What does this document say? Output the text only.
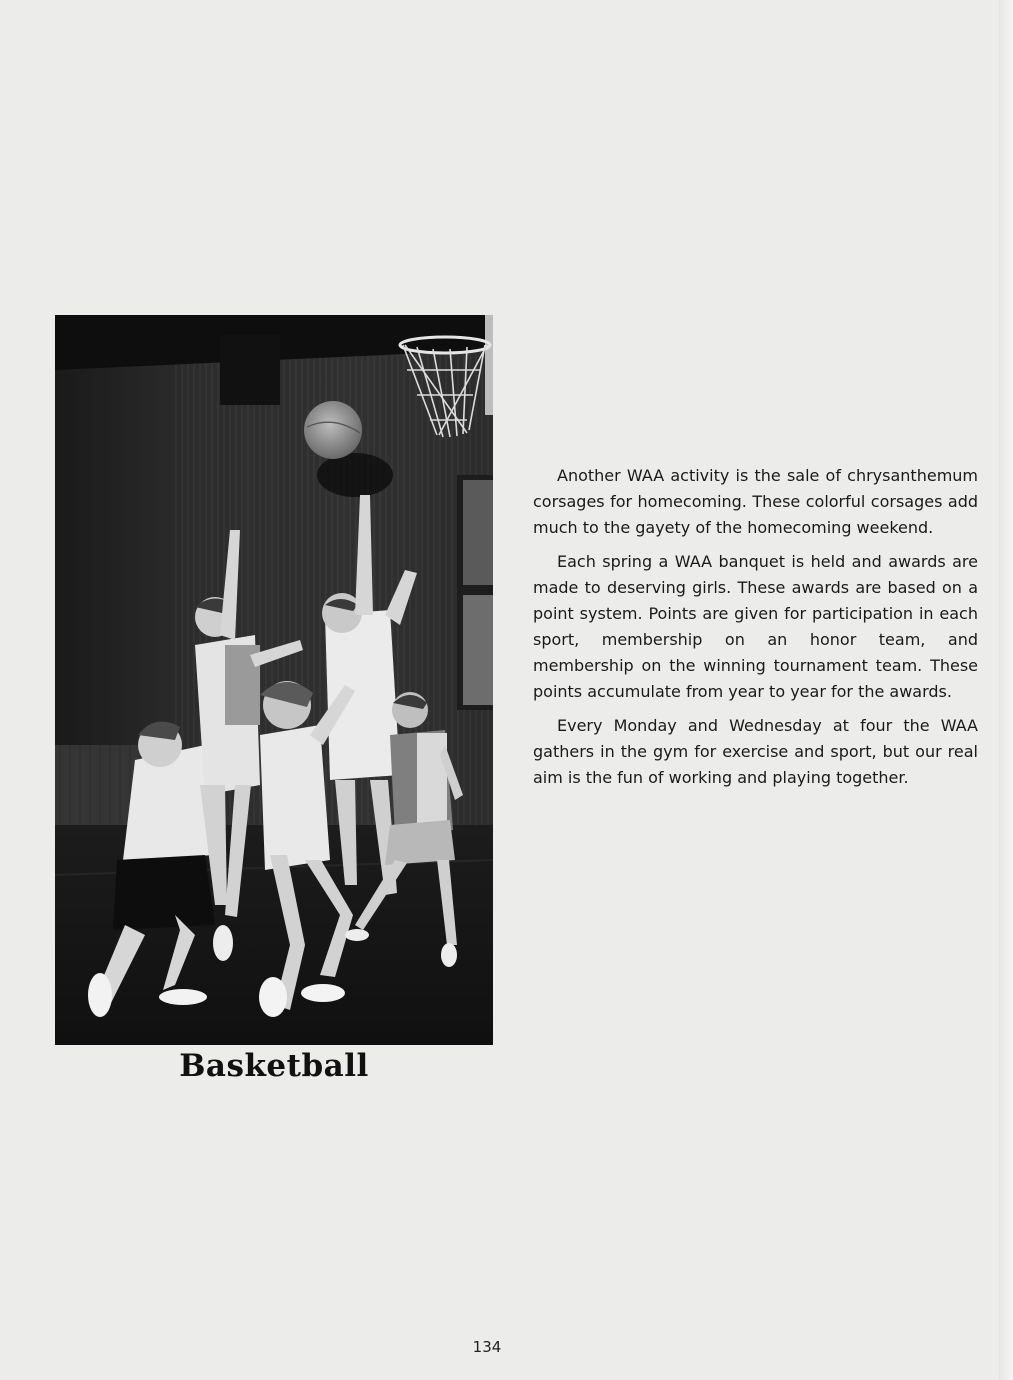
Basketball

Another WAA activity is the sale of chrysanthemum corsages for homecoming. These colorful corsages add much to the gayety of the homecoming weekend.

Each spring a WAA banquet is held and awards are made to deserving girls. These awards are based on a point system. Points are given for participation in each sport, membership on an honor team, and membership on the winning tournament team. These points accumulate from year to year for the awards.

Every Monday and Wednesday at four the WAA gathers in the gym for exercise and sport, but our real aim is the fun of working and playing together.

134
